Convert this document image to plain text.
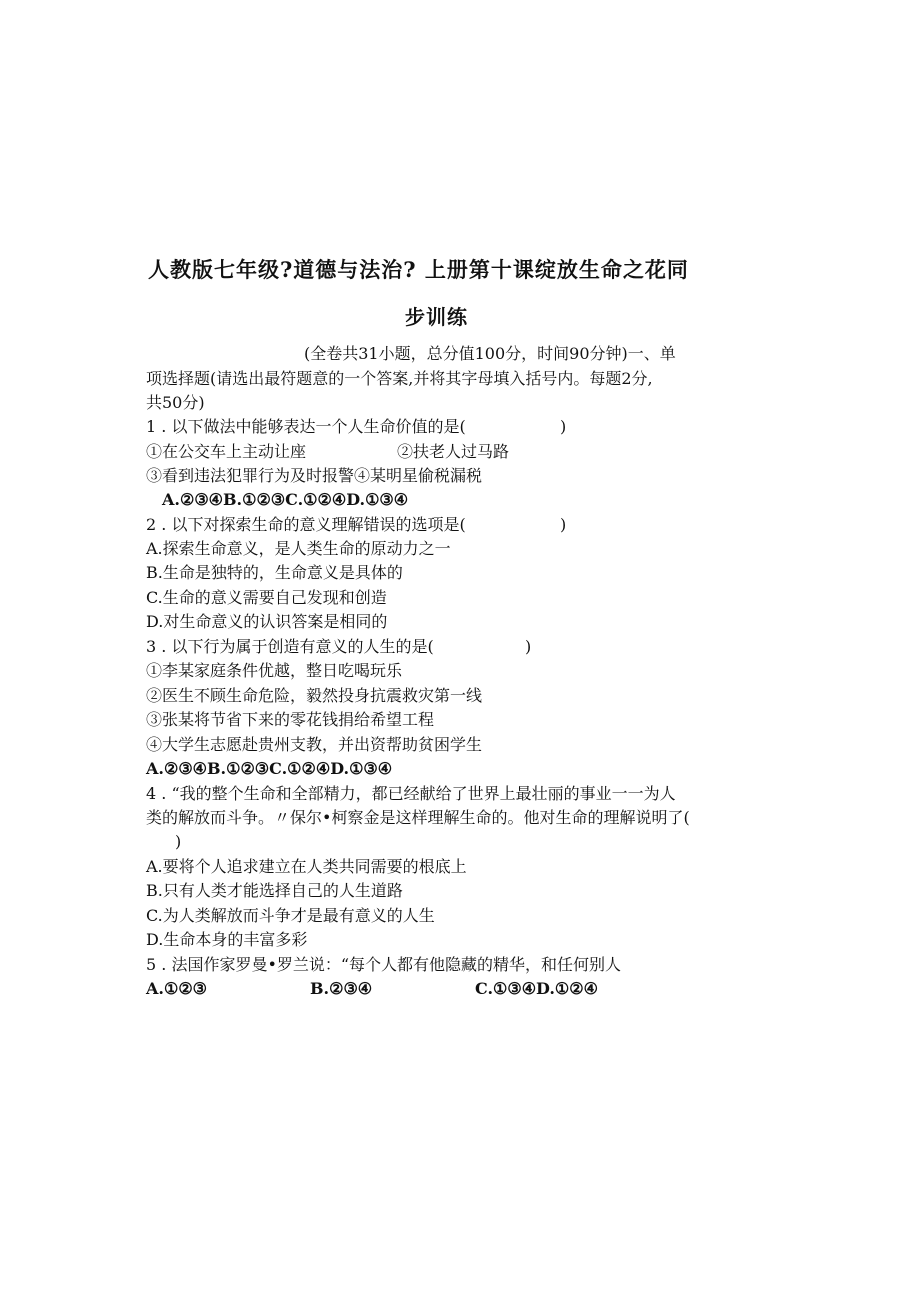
人教版七年级?道德与法治? 上册第十课绽放生命之花同
步训练
(全卷共31小题，总分值100分，时间90分钟)一、单
项选择题(请选出最符题意的一个答案,并将其字母填入括号内。每题2分,
共50分)
1 . 以下做法中能够表达一个人生命价值的是(	)
①在公交车上主动让座	②扶老人过马路
③看到违法犯罪行为及时报警④某明星偷税漏税
A.②③④B.①②③C.①②④D.①③④
2 . 以下对探索生命的意义理解错误的选项是(	)
A.探索生命意义，是人类生命的原动力之一
B.生命是独特的，生命意义是具体的
C.生命的意义需要自己发现和创造
D.对生命意义的认识答案是相同的
3 . 以下行为属于创造有意义的人生的是(	)
①李某家庭条件优越，整日吃喝玩乐
②医生不顾生命危险，毅然投身抗震救灾第一线
③张某将节省下来的零花钱捐给希望工程
④大学生志愿赴贵州支教，并出资帮助贫困学生
A.②③④B.①②③C.①②④D.①③④
4 . “我的整个生命和全部精力，都已经献给了世界上最壮丽的事业一一为人
类的解放而斗争。〃保尔•柯察金是这样理解生命的。他对生命的理解说明了(
)
A.要将个人追求建立在人类共同需要的根底上
B.只有人类才能选择自己的人生道路
C.为人类解放而斗争才是最有意义的人生
D.生命本身的丰富多彩
5 . 法国作家罗曼•罗兰说：“每个人都有他隐藏的精华，和任何别人
A.①②③	B.②③④	C.①③④D.①②④
